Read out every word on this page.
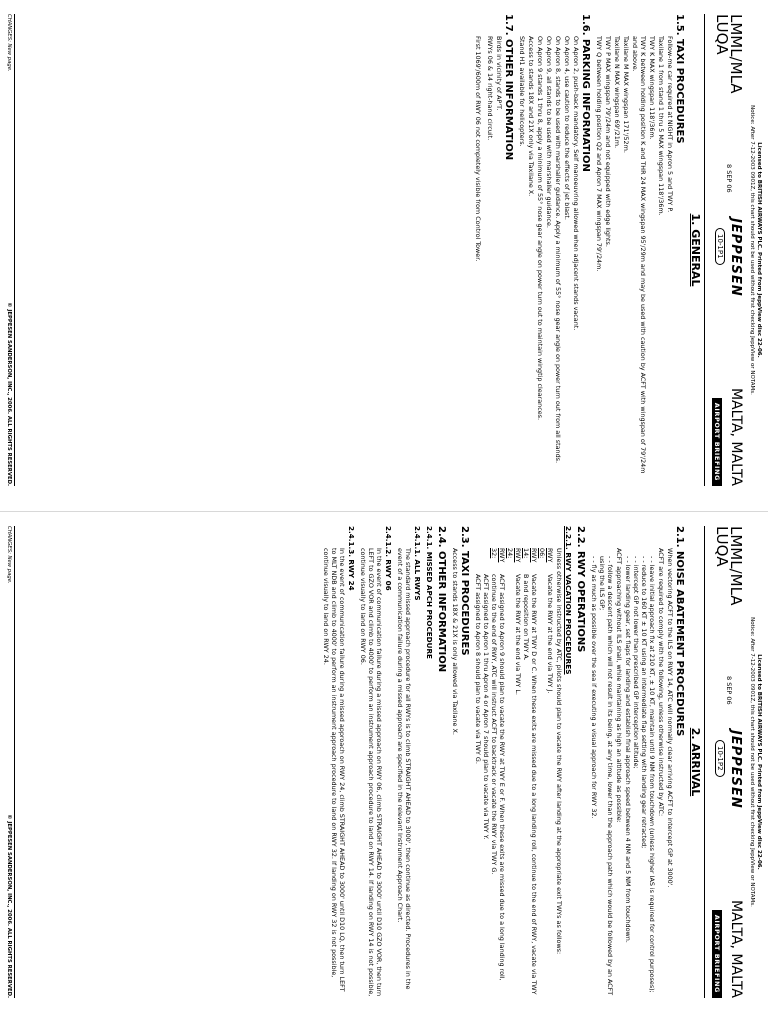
Licensed to BRITISH AIRWAYS PLC. Printed from JeppView disc 22-06.
Notice: After 7-12-2003 0901Z, this chart should not be used without first checking JeppView or NOTAMs.
LMML/MLA
LUQA
8 SEP 06
JEPPESEN
10-1P1
MALTA, MALTA
AIRPORT BRIEFING
1. GENERAL
1.5. TAXI PROCEDURES
Follow-me car required at NIGHT in Apron 5 and TWY P.
Taxilane 1 from stand 1 thru 5 MAX wingspan 118'/36m.
TWY K MAX wingspan 118'/36m.
TWY K between holding position K and THR 24 MAX wingspan 95'/29m and may be used with caution by ACFT with wingspan of 79'/24m and above.
Taxilane M MAX wingspan 171'/52m.
Taxilane N MAX wingspan 69'/21m.
TWY P MAX wingspan 79'/24m and not equipped with edge lights.
TWY Q between holding position Q2 and Apron 7 MAX wingspan 79'/24m.
1.6. PARKING INFORMATION
On Apron 2, push-back mandatory. Self manoeuvring allowed when adjacent stands vacant.
On Apron 4, use caution to reduce the effects of jet blast.
On Apron 8, stands to be used with marshaller guidance. Apply a minimum of 55° nose gear angle on power turn out from all stands.
On Apron 9, all stands to be used with marshaller guidance.
On Apron 9 stands 1 thru 8, apply a minimum of 55° nose gear angle on power turn out to maintain wingtip clearances.
Access to stands 18X and 21X only via Taxilane X.
Stand H1 available for helicopters.
1.7. OTHER INFORMATION
Birds in vicinity of AP'T.
RWYs 06 & 14 right-hand circuit.
First 1069'/600m of RWY 06 not completely visible from Control Tower.
CHANGES: New page.
© JEPPESEN SANDERSON, INC., 2006. ALL RIGHTS RESERVED.
Licensed to BRITISH AIRWAYS PLC. Printed from JeppView disc 22-06.
Notice: After 7-12-2003 0901Z, this chart should not be used without first checking JeppView or NOTAMs.
LMML/MLA
LUQA
8 SEP 06
JEPPESEN
10-1P2
MALTA, MALTA
AIRPORT BRIEFING
2. ARRIVAL
2.1. NOISE ABATEMENT PROCEDURES
When vectoring ACFT to the ILS on RWY 14, ATC will normally clear arriving ACFT to intercept GP at 3000'.
ACFT are required to comply with the following, unless otherwise instructed by ATC:
- - leave initial approach fix at 210 KT, ± 10 KT, maintain until 9 NM from touchdown (unless higher IAS is required for control purposes);
- - reduce to 160 KT ± 10 KT using an intermediate flap setting with landing gear retracted;
- - intercept GP not lower than prescribed GP interception altitude;
- - lower landing gear, set flaps for landing and establish final approach speed between 4 NM and 5 NM from touchdown.
ACFT approaching without ILS shall, while maintaining as high an altitude as possible:
- - follow a descent path which will not result in its being, at any time, lower than the approach path which would be followed by an ACFT using the ILS GP;
- - fly as much as possible over the sea if executing a visual approach for RWY 32.
2.2. RWY OPERATIONS
2.2.1. RWY VACATION PROCEDURES
Unless otherwise instructed by ATC, pilots should plan to vacate the RWY after landing at the appropriate exit TWYs as follows:
RWY 06:	Vacate the RWY at the end via TWY J.
RWY 14:	Vacate the RWY at TWY D or C. When these exits are missed due to a long landing roll, continue to the end of RWY, vacate via TWY B and reposition on TWY A.
RWY 24:	Vacate the RWY at the end via TWY L.
RWY 32:	ACFT assigned to Apron 9 should plan to vacate the RWY at TWY E or F. When these exits are missed due to a long landing roll, continue to the end of RWY, ATC will instruct ACFT to backtrack or vacate the RWY via TWY G.
ACFT assigned to Apron 1 thru Apron 4 or Apron 7 should plan to vacate via TWY Y.
ACFT assigned to Apron 8 should plan to vacate via TWY G.
2.3. TAXI PROCEDURES
Access to stands 18X & 21X is only allowed via Taxilane X.
2.4. OTHER INFORMATION
2.4.1. MISSED APCH PROCEDURE
2.4.1.1. ALL RWYS
The standard missed approach procedure for all RWYs is to climb STRAIGHT AHEAD to 3000', then continue as directed. Procedures in the event of a communication failure during a missed approach are specified in the relevant Instrument Approach Chart.
2.4.1.2. RWY 06
In the event of communication failure during a missed approach on RWY 06, climb STRAIGHT AHEAD to 3000' until D10 GZO VOR, then turn LEFT to GZO VOR and climb to 4000' to perform an instrument approach procedure to land on RWY 14. If landing on RWY 14 is not possible, continue visually to land on RWY 06.
2.4.1.3. RWY 24
In the event of communication failure during a missed approach on RWY 24, climb STRAIGHT AHEAD to 3000' until D10 LQ, then turn LEFT to MLT NDB and climb to 4000' to perform an instrument approach procedure to land on RWY 32. If landing on RWY 32 is not possible, continue visually to land on RWY 24.
CHANGES: New page.
© JEPPESEN SANDERSON, INC., 2006. ALL RIGHTS RESERVED.
